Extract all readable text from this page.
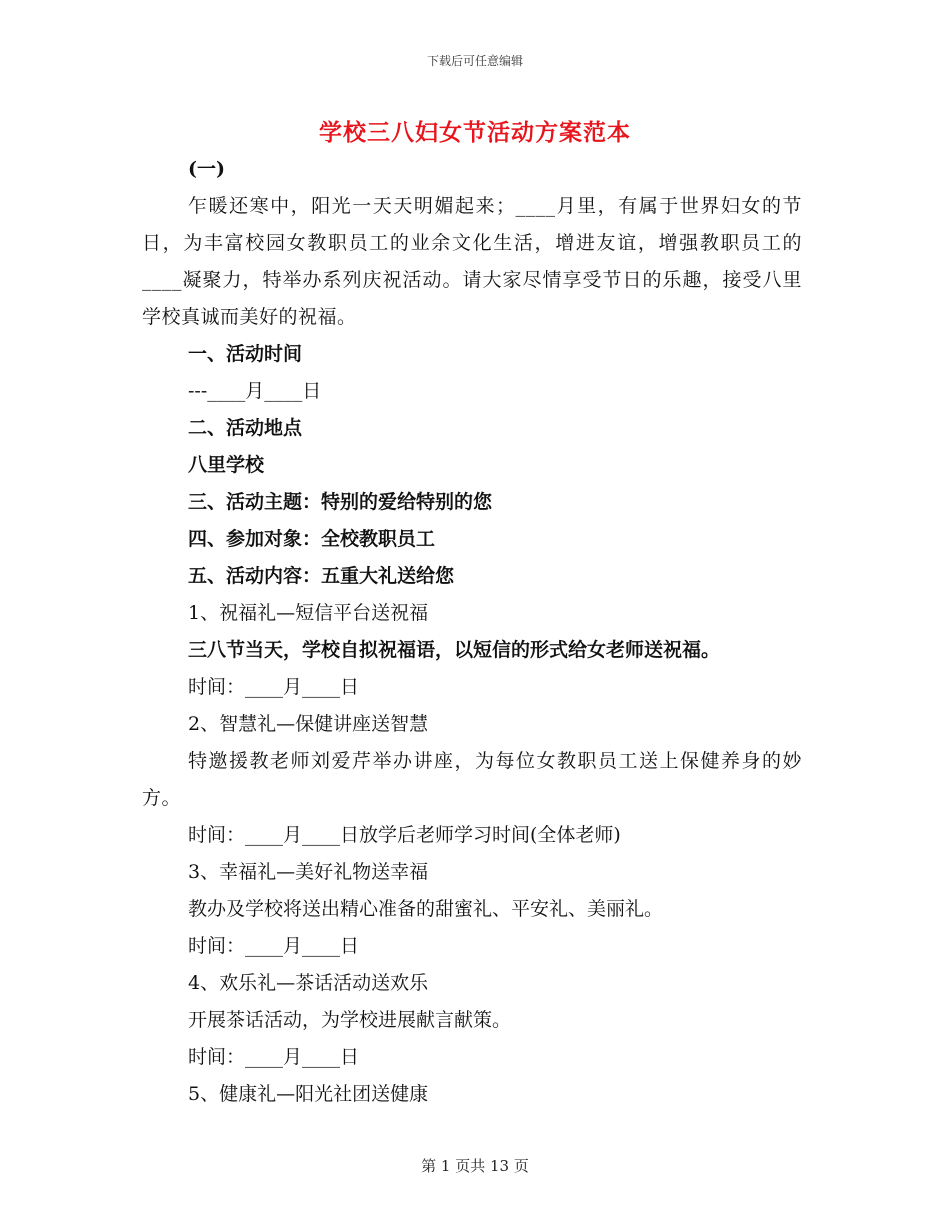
下载后可任意编辑
学校三八妇女节活动方案范本
(一)
乍暖还寒中，阳光一天天明媚起来；____月里，有属于世界妇女的节日，为丰富校园女教职员工的业余文化生活，增进友谊，增强教职员工的____凝聚力，特举办系列庆祝活动。请大家尽情享受节日的乐趣，接受八里学校真诚而美好的祝福。
一、活动时间
---____月____日
二、活动地点
八里学校
三、活动主题：特别的爱给特别的您
四、参加对象：全校教职员工
五、活动内容：五重大礼送给您
1、祝福礼—短信平台送祝福
三八节当天，学校自拟祝福语，以短信的形式给女老师送祝福。
时间：____月____日
2、智慧礼—保健讲座送智慧
特邀援教老师刘爱芹举办讲座，为每位女教职员工送上保健养身的妙方。
时间：____月____日放学后老师学习时间(全体老师)
3、幸福礼—美好礼物送幸福
教办及学校将送出精心准备的甜蜜礼、平安礼、美丽礼。
时间：____月____日
4、欢乐礼—茶话活动送欢乐
开展茶话活动，为学校进展献言献策。
时间：____月____日
5、健康礼—阳光社团送健康
第 1 页共 13 页
